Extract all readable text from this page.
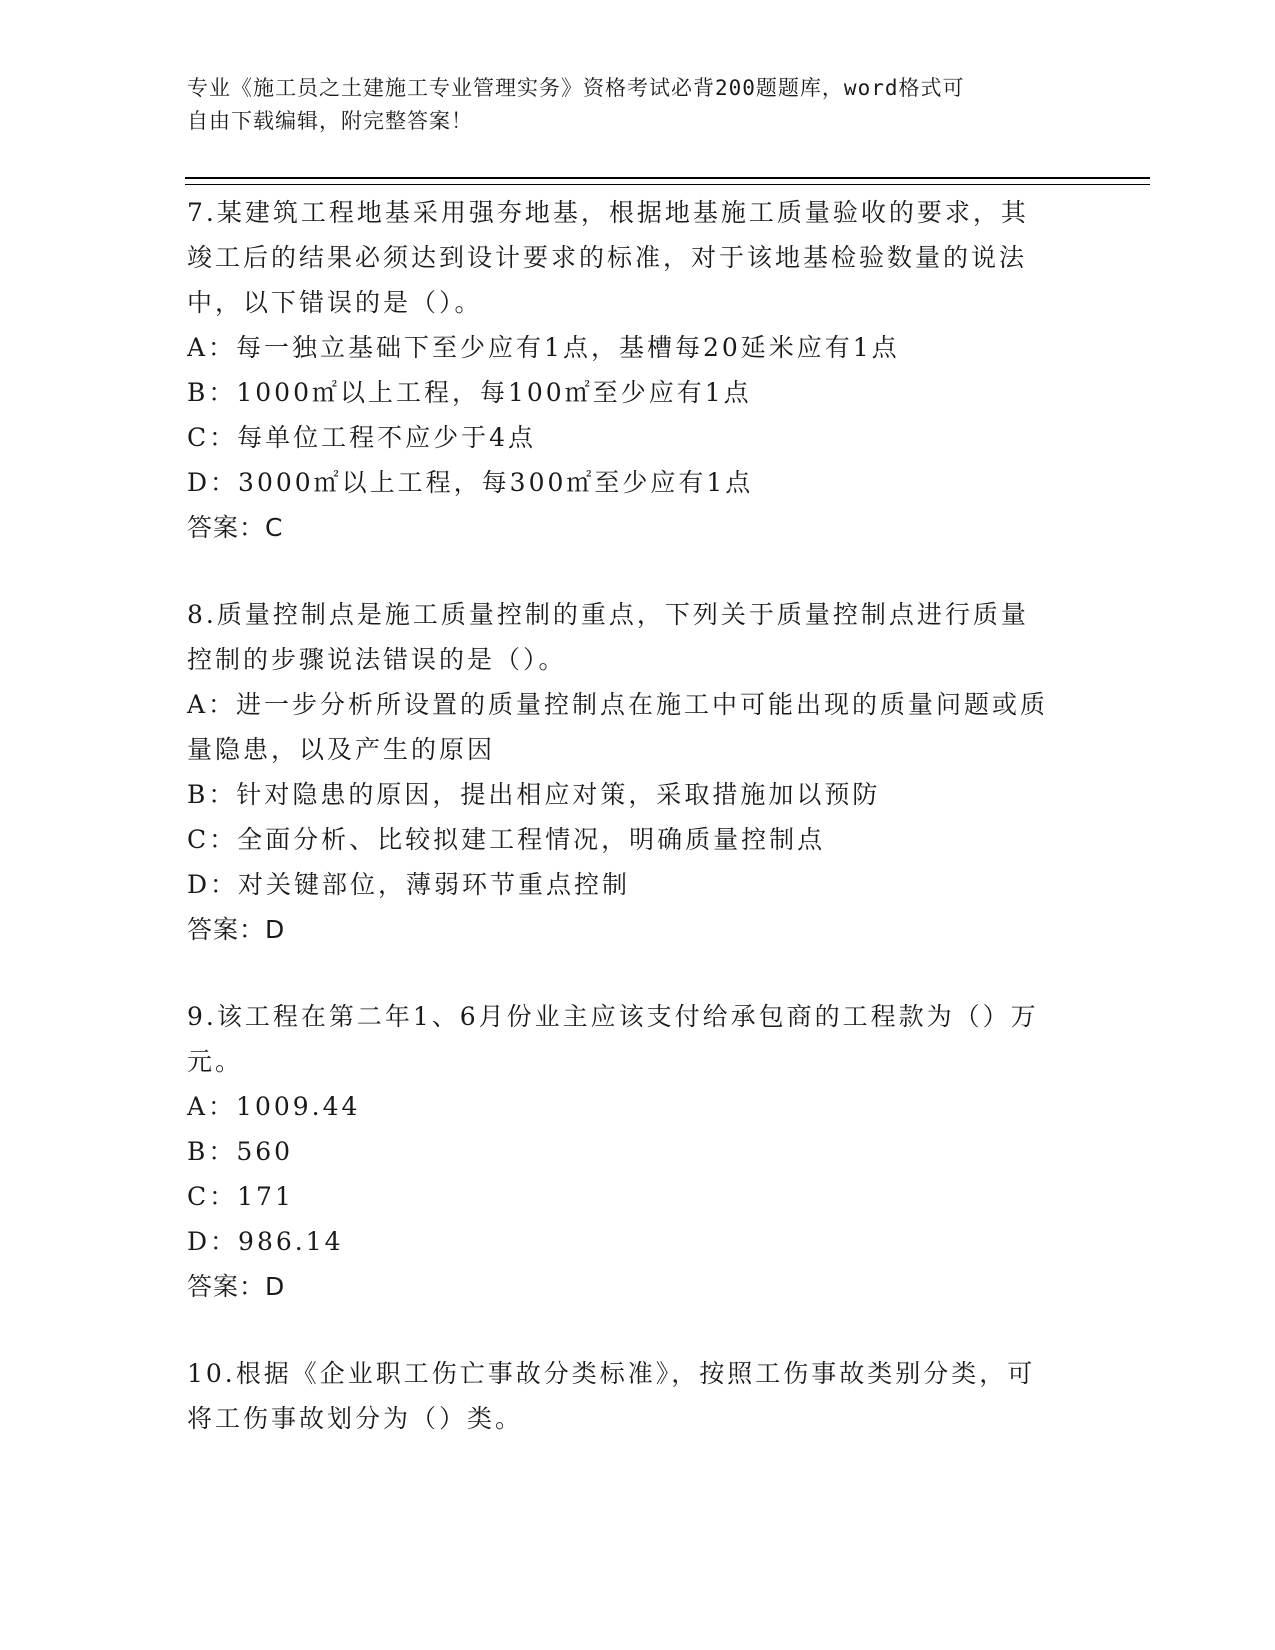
专业《施工员之土建施工专业管理实务》资格考试必背200题题库，word格式可
自由下载编辑，附完整答案！
7.某建筑工程地基采用强夯地基，根据地基施工质量验收的要求，其
竣工后的结果必须达到设计要求的标准，对于该地基检验数量的说法
中，以下错误的是（）。
A：每一独立基础下至少应有1点，基槽每20延米应有1点
B：1000㎡以上工程，每100㎡至少应有1点
C：每单位工程不应少于4点
D：3000㎡以上工程，每300㎡至少应有1点
答案：C
8.质量控制点是施工质量控制的重点，下列关于质量控制点进行质量
控制的步骤说法错误的是（）。
A：进一步分析所设置的质量控制点在施工中可能出现的质量问题或质
量隐患，以及产生的原因
B：针对隐患的原因，提出相应对策，采取措施加以预防
C：全面分析、比较拟建工程情况，明确质量控制点
D：对关键部位，薄弱环节重点控制
答案：D
9.该工程在第二年1、6月份业主应该支付给承包商的工程款为（）万
元。
A：1009.44
B：560
C：171
D：986.14
答案：D
10.根据《企业职工伤亡事故分类标准》，按照工伤事故类别分类，可
将工伤事故划分为（）类。
